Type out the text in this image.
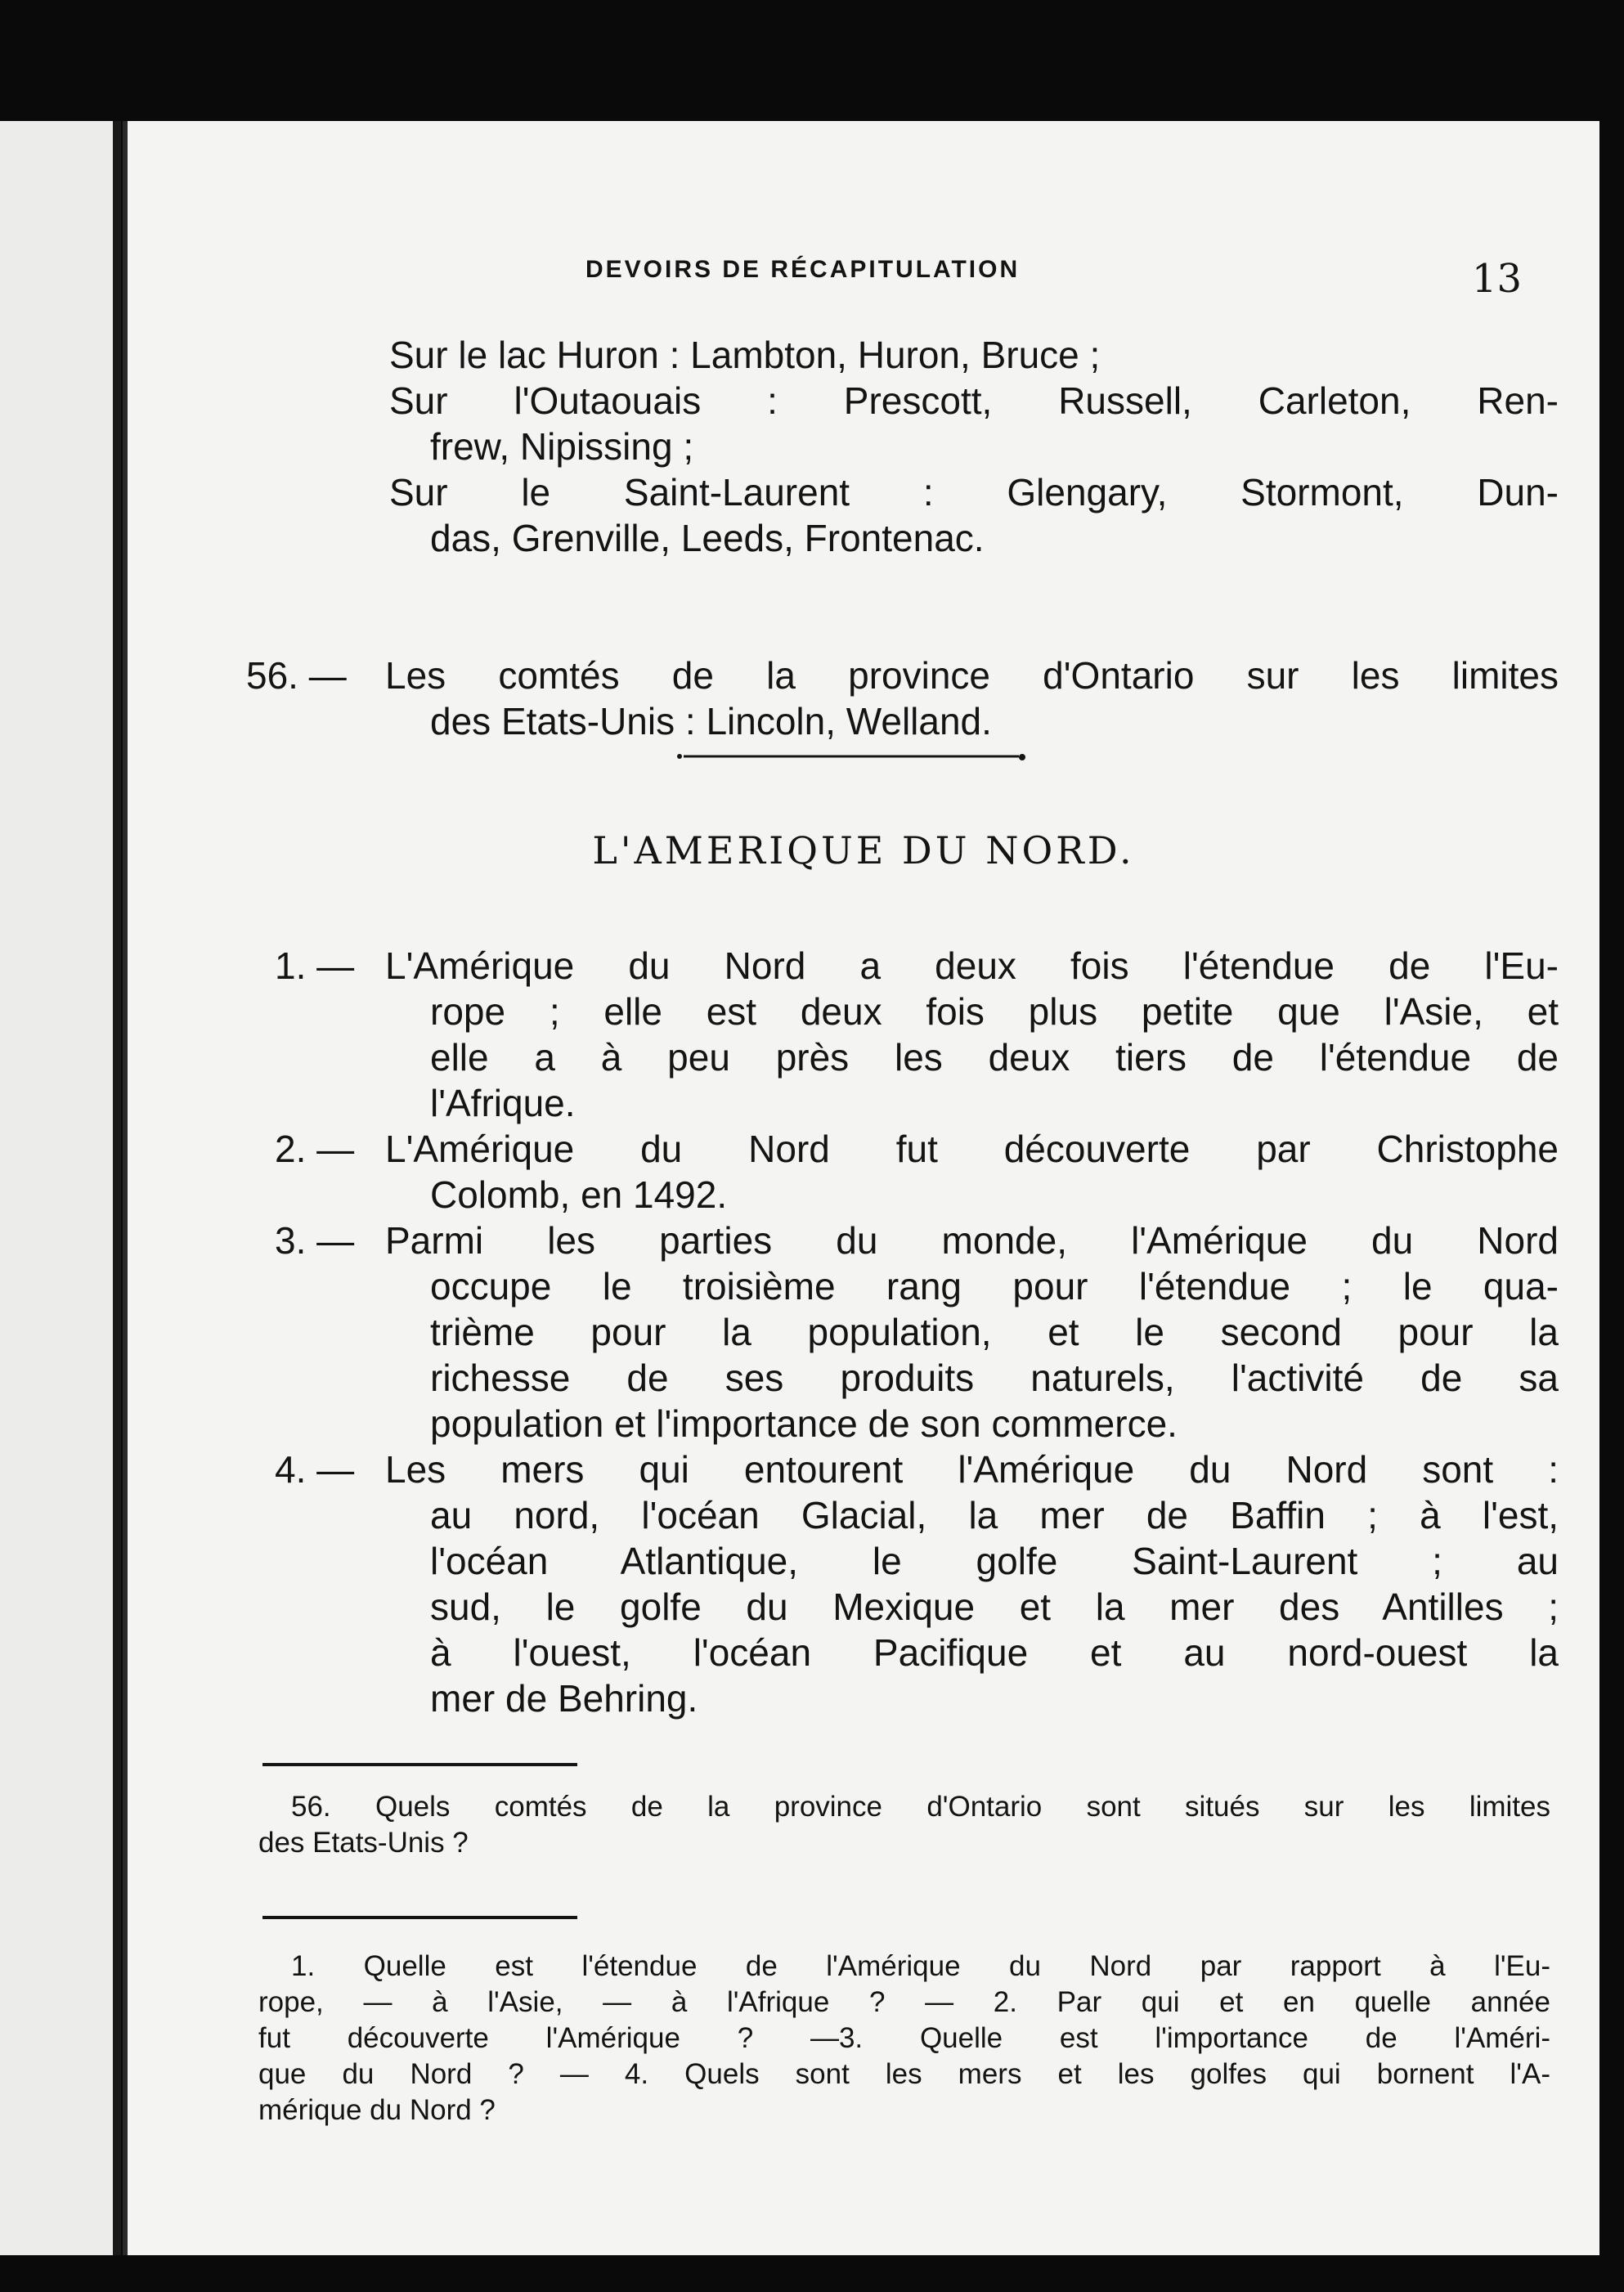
DEVOIRS DE RÉCAPITULATION	13
Sur le lac Huron : Lambton, Huron, Bruce ;
Sur l'Outaouais : Prescott, Russell, Carleton, Ren-
frew, Nipissing ;
Sur le Saint-Laurent : Glengary, Stormont, Dun-
das, Grenville, Leeds, Frontenac.
56. —	Les comtés de la province d'Ontario sur les limites
des Etats-Unis : Lincoln, Welland.
L'AMERIQUE DU NORD.
1. — L'Amérique du Nord a deux fois l'étendue de l'Eu-
rope ; elle est deux fois plus petite que l'Asie, et
elle a à peu près les deux tiers de l'étendue de
l'Afrique.
2. — L'Amérique du Nord fut découverte par Christophe
Colomb, en 1492.
3. — Parmi les parties du monde, l'Amérique du Nord
occupe le troisième rang pour l'étendue ; le qua-
trième pour la population, et le second pour la
richesse de ses produits naturels, l'activité de sa
population et l'importance de son commerce.
4. — Les mers qui entourent l'Amérique du Nord sont :
au nord, l'océan Glacial, la mer de Baffin ; à l'est,
l'océan Atlantique, le golfe Saint-Laurent ; au
sud, le golfe du Mexique et la mer des Antilles ;
à l'ouest, l'océan Pacifique et au nord-ouest la
mer de Behring.
56. Quels comtés de la province d'Ontario sont situés sur les limites
des Etats-Unis ?
1. Quelle est l'étendue de l'Amérique du Nord par rapport à l'Eu-
rope, — à l'Asie, — à l'Afrique ? — 2. Par qui et en quelle année
fut découverte l'Amérique ? —3. Quelle est l'importance de l'Améri-
que du Nord ? — 4. Quels sont les mers et les golfes qui bornent l'A-
mérique du Nord ?
